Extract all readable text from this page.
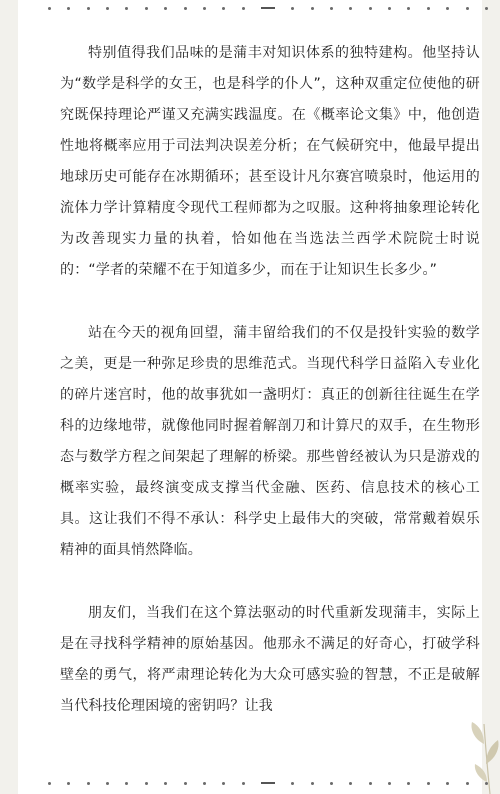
特别值得我们品味的是蒲丰对知识体系的独特建构。他坚持认为“数学是科学的女王，也是科学的仆人”，这种双重定位使他的研究既保持理论严谨又充满实践温度。在《概率论文集》中，他创造性地将概率应用于司法判决误差分析；在气候研究中，他最早提出地球历史可能存在冰期循环；甚至设计凡尔赛宫喷泉时，他运用的流体力学计算精度令现代工程师都为之叹服。这种将抽象理论转化为改善现实力量的执着，恰如他在当选法兰西学术院院士时说的：“学者的荣耀不在于知道多少，而在于让知识生长多少。”

站在今天的视角回望，蒲丰留给我们的不仅是投针实验的数学之美，更是一种弥足珍贵的思维范式。当现代科学日益陷入专业化的碎片迷宫时，他的故事犹如一盏明灯：真正的创新往往诞生在学科的边缘地带，就像他同时握着解剖刀和计算尺的双手，在生物形态与数学方程之间架起了理解的桥梁。那些曾经被认为只是游戏的概率实验，最终演变成支撑当代金融、医药、信息技术的核心工具。这让我们不得不承认：科学史上最伟大的突破，常常戴着娱乐精神的面具悄然降临。

朋友们，当我们在这个算法驱动的时代重新发现蒲丰，实际上是在寻找科学精神的原始基因。他那永不满足的好奇心，打破学科壁垒的勇气，将严肃理论转化为大众可感实验的智慧，不正是破解当代科技伦理困境的密钥吗？让我
